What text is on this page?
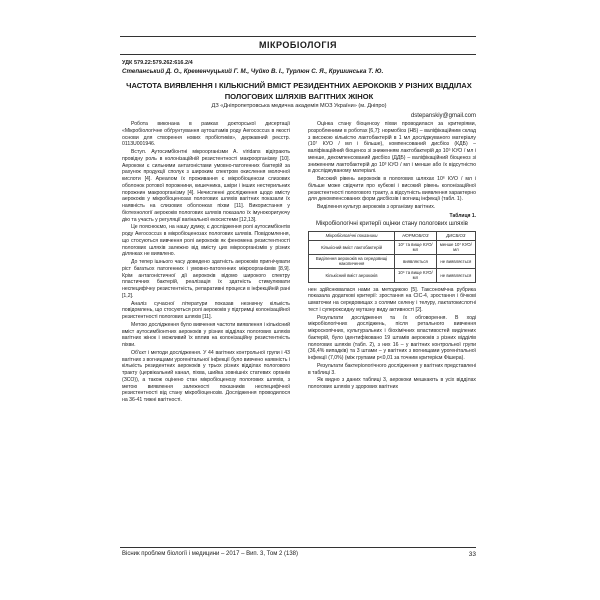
МІКРОБІОЛОГІЯ
УДК 579.22:579.262:616.2/4
Степанський Д. О., Кременчуцький Г. М., Чуйко В. І., Турлюн С. Я., Крушинська Т. Ю.
ЧАСТОТА ВИЯВЛЕННЯ І КІЛЬКІСНИЙ ВМІСТ РЕЗИДЕНТНИХ АЕРОКОКІВ У РІЗНИХ ВІДДІЛАХ ПОЛОГОВИХ ШЛЯХІВ ВАГІТНИХ ЖІНОК
ДЗ «Дніпропетровська медична академія МОЗ України» (м. Дніпро)
dstepanskiy@gmail.com

Робота виконана в рамках докторської дисертації «Мікробіологічне обґрунтування аутоштамів роду Aerococcus в якості основи для створення нових пробіотиків», державний реєстр. 0113U001946.

Вступ. Аутосимбіонтні мікроорганізми A. viridans відіграють провідну роль в колонізаційній резистентності макроорганізму [10]. Аерококи є сильними антагоністами умовно-патогенних бактерій за рахунок продукції сполук з широким спектром окислення молочної кислоти [4]. Ареалом їх проживання є мікробіоценози слизових оболонок ротової порожнини, кишечника, шкіри і інших нестерильних порожнин макроорганізму [4]. Нечисленні дослідження щодо вмісту аерококів у мікробіоценозах пологових шляхів вагітних показали їх наявність на слизових оболонках піхви [11]. Використання у біотехнології аерококів пологових шляхів показало їх імунокоригуючу дію та участь у регуляції вагінальної екосистеми [12,13].

Це пояснюємо, на нашу думку, є дослідження ролі аутосимбіонтів роду Aerococcus в мікробіоценозах пологових шляхів. Повідомлення, що стосуються вивчення ролі аерококів як феномена резистентності пологових шляхів залежно від вмісту цих мікроорганізмів у різних ділянках не виявлено.

До тепер ішнього часу доведено здатність аерококів пригнічувати ріст багатьох патогенних і умовно-патогенних мікроорганізмів [8,9]. Крім антагоністичної дії аерококів відомо широкого спектру пластичних бактерій, реалізація їх здатність стимулювати неспецифічну резистентність, репаративні процеси в інфекційній рані [1,2].

Аналіз сучасної літератури показав незначну кількість повідомлень, що стосуються ролі аерококів у підтримці колонізаційної резистентності пологових шляхів [11].

Метою дослідження було вивчення частоти виявлення і кількісний вміст аутосимбіонтних аерококів у різних відділах пологових шляхів вагітних жінок і можливий їх вплив на колонізаційну резистентність піхви.

Об'єкт і методи дослідження. У 44 вагітних контрольної групи і 43 вагітних з вогнищами урогенітальної інфекції було вивчено наявність і кількість резидентних аерококів у трьох різних відділах пологового тракту (цервікальний канал, піхва, шийка зовнішніх статевих органів (ЗСО)), а також оцінено стан мікробіоценозу пологових шляхів, з метою виявлення залежності показників неспецифічної резистентності від стану мікробіоценозів. Дослідження проводилося на 36-41 тижні вагітності.

Оцінка стану біоценозу піхви проводилася за критеріями, розробленими в роботах [6,7]: нормобіоз (НБ) – валіфікаційним склад з високою кількістю лактобактерій в 1 мл досліджуваного матеріалу (10⁷ КУО / мл і більше), компенсований дисбіоз (КДБ) – валіфікаційний біоценоз зі зниженням лактобактерій до 10⁵ КУО / мл і менше, декомпенсований дисбіоз (ДДБ) – валіфікаційний біоценоз зі зниженням лактобактерій до 10³ КУО / мл і менше або їх відсутністю в досліджуваному матеріалі.

Високий рівень аерококів в пологових шляхах 10⁶ КУО / мл і більше може свідчити про кубкові і високий рівень колонізаційної резистентності пологового тракту, а відсутність виявлення характерно для декомпенсованих форм дисбіозів і вогнищ інфекції (табл. 1).

Виділення культур аерококів з організму вагітних.

Таблиця 1.
Мікробіологічні критерії оцінки стану пологових шляхів
Мікробіологічні показники	НОРМОБІОЗ	ДИСБІОЗ
Кількісний вміст лактобактерій	10⁷ та вище КУО/мл	менше 10⁷ КУО/мл
Виділення аерококів на середовищі накопичення	виявляється	не виявляється
Кількісний вміст аерококів	10⁶ та вище КУО/мл	не виявляється

нен здійснювалася нами за методикою [5]. Таксономічна рубрика показала додаткові критерії: зростання на CIC-4, зростання і бічкові шматочки на середовищах з солями селену і телуру, лактатокислотні тест і супероксидну мутазну виду активності [2].

Результати дослідження та їх обговорення. В ході мікробіологічних досліджень, після ретального вивчення мікроскопічних, культуральних і біохімічних властивостей виділених бактерій, було ідентифіковано 19 штамів аерококів з різних відділів пологових шляхів (табл. 2), з них 16 – у вагітних контрольної групи (36,4% випадків) та 3 штами – у вагітних з вогнищами урогенітальної інфекції (7,0%) (між групами p<0,01 за точним критерієм Фішера).

Результати бактеріологічного дослідження у вагітних представлені в таблиці 3.

Як видно з даних таблиці 3, аерококи мешкають в усіх відділах пологових шляхів у здорових вагітних

Вісник проблем біології і медицини – 2017 – Вип. 3, Том 2 (138)	33
